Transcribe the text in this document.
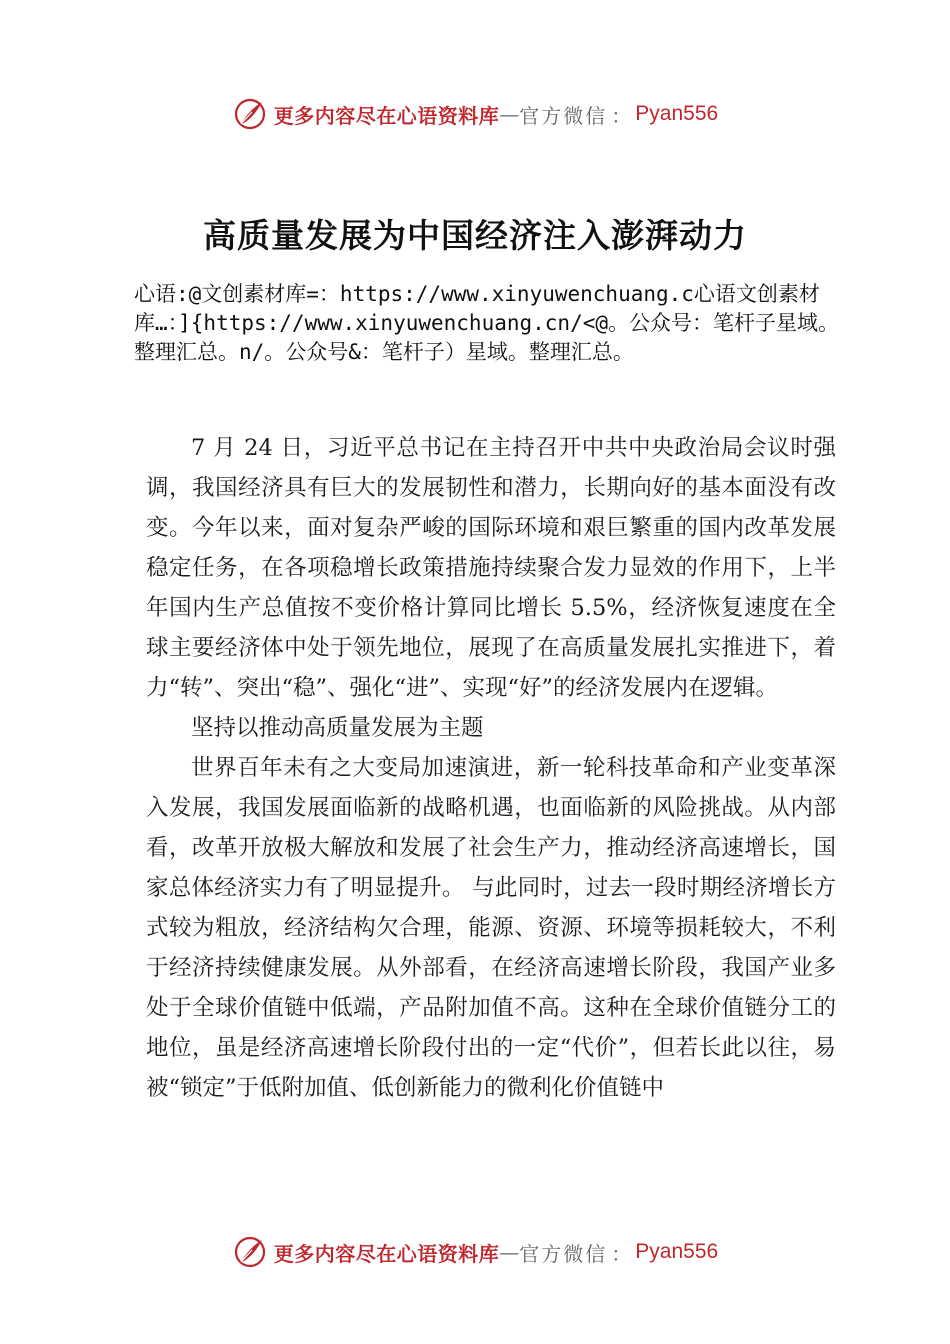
更多内容尽在心语资料库 — 官方微信 ： Pyan556
高质量发展为中国经济注入澎湃动力

心语:@文创素材库=：https://www.xinyuwenchuang.c心语文创素材库…：]{https://www.xinyuwenchuang.cn/<@。公众号：笔杆子星域。整理汇总。n/。公众号&：笔杆子）星域。整理汇总。

7 月 24 日，习近平总书记在主持召开中共中央政治局会议时强调，我国经济具有巨大的发展韧性和潜力，长期向好的基本面没有改变。今年以来，面对复杂严峻的国际环境和艰巨繁重的国内改革发展稳定任务，在各项稳增长政策措施持续聚合发力显效的作用下，上半年国内生产总值按不变价格计算同比增长 5.5%，经济恢复速度在全球主要经济体中处于领先地位，展现了在高质量发展扎实推进下，着力“转”、突出“稳”、强化“进”、实现“好”的经济发展内在逻辑。

坚持以推动高质量发展为主题

世界百年未有之大变局加速演进，新一轮科技革命和产业变革深入发展，我国发展面临新的战略机遇，也面临新的风险挑战。从内部看，改革开放极大解放和发展了社会生产力，推动经济高速增长，国家总体经济实力有了明显提升。 与此同时，过去一段时期经济增长方式较为粗放，经济结构欠合理，能源、资源、环境等损耗较大，不利于经济持续健康发展。从外部看，在经济高速增长阶段，我国产业多处于全球价值链中低端，产品附加值不高。这种在全球价值链分工的地位，虽是经济高速增长阶段付出的一定“代价”，但若长此以往，易被“锁定”于低附加值、低创新能力的微利化价值链中

更多内容尽在心语资料库 — 官方微信 ： Pyan556
